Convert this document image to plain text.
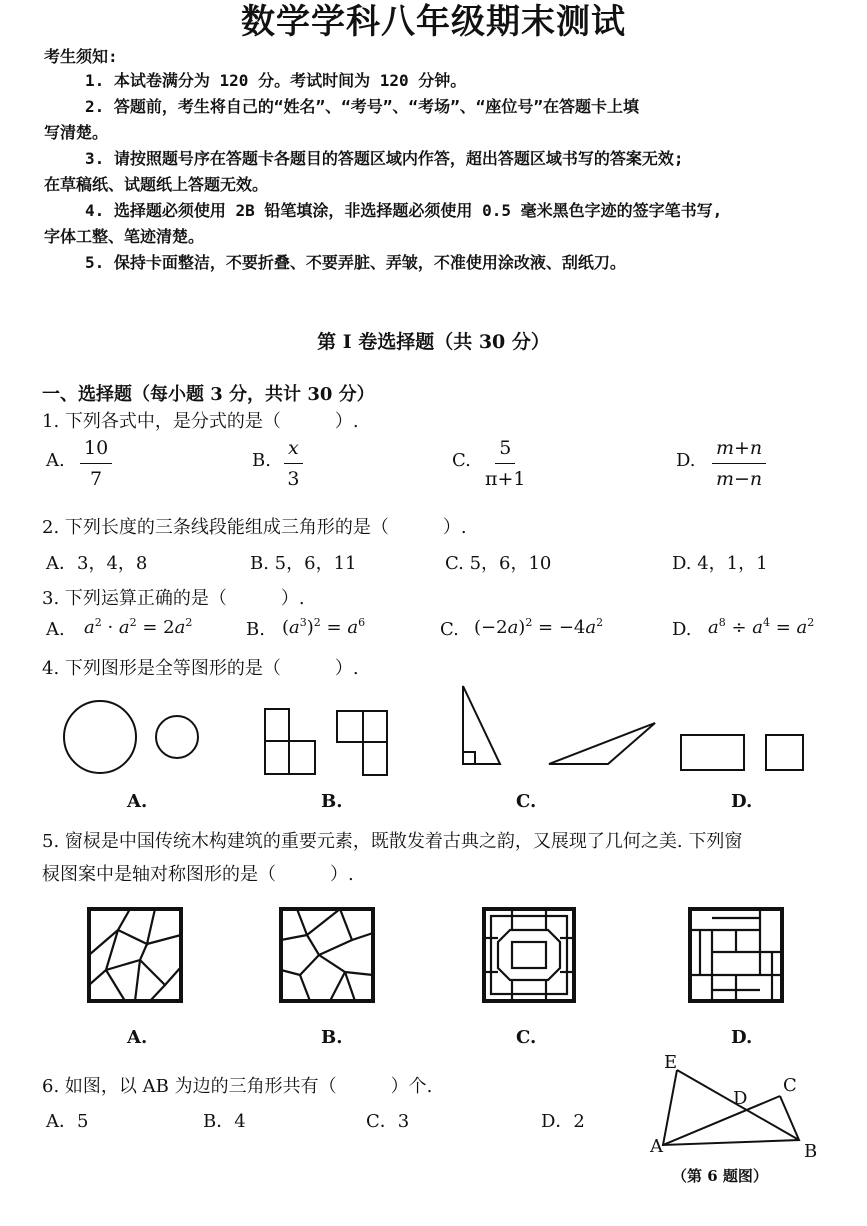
数学学科八年级期末测试
考生须知:
1. 本试卷满分为 120 分。考试时间为 120 分钟。
2. 答题前，考生将自己的“姓名”、“考号”、“考场”、“座位号”在答题卡上填
写清楚。
3. 请按照题号序在答题卡各题目的答题区域内作答，超出答题区域书写的答案无效;
在草稿纸、试题纸上答题无效。
4. 选择题必须使用 2B 铅笔填涂，非选择题必须使用 0.5 毫米黑色字迹的签字笔书写,
字体工整、笔迹清楚。
5. 保持卡面整洁，不要折叠、不要弄脏、弄皱，不准使用涂改液、刮纸刀。
第 I 卷选择题（共 30 分）
一、选择题（每小题 3 分，共计 30 分）
1. 下列各式中，是分式的是（　　　）.
A. $\frac{10}{7}$	B. $\frac{x}{3}$	C. $\frac{5}{\pi+1}$	D. $\frac{m+n}{m-n}$
2. 下列长度的三条线段能组成三角形的是（　　　）.
A．3，4，8	B. 5，6，11	C. 5，6，10	D. 4，1，1
3. 下列运算正确的是（　　　）.
A. $a^2 \cdot a^2 = 2a^2$	B. $(a^3)^2 = a^6$	C. $(-2a)^2 = -4a^2$	D. $a^8 \div a^4 = a^2$
4. 下列图形是全等图形的是（　　　）.
A.	B.	C.	D.
5. 窗棂是中国传统木构建筑的重要元素，既散发着古典之韵，又展现了几何之美. 下列窗
棂图案中是轴对称图形的是（　　　）.
A.	B.	C.	D.
6. 如图，以 AB 为边的三角形共有（　　　）个.
A．5	B．4	C．3	D．2
E
C
D
A	B
（第 6 题图）
